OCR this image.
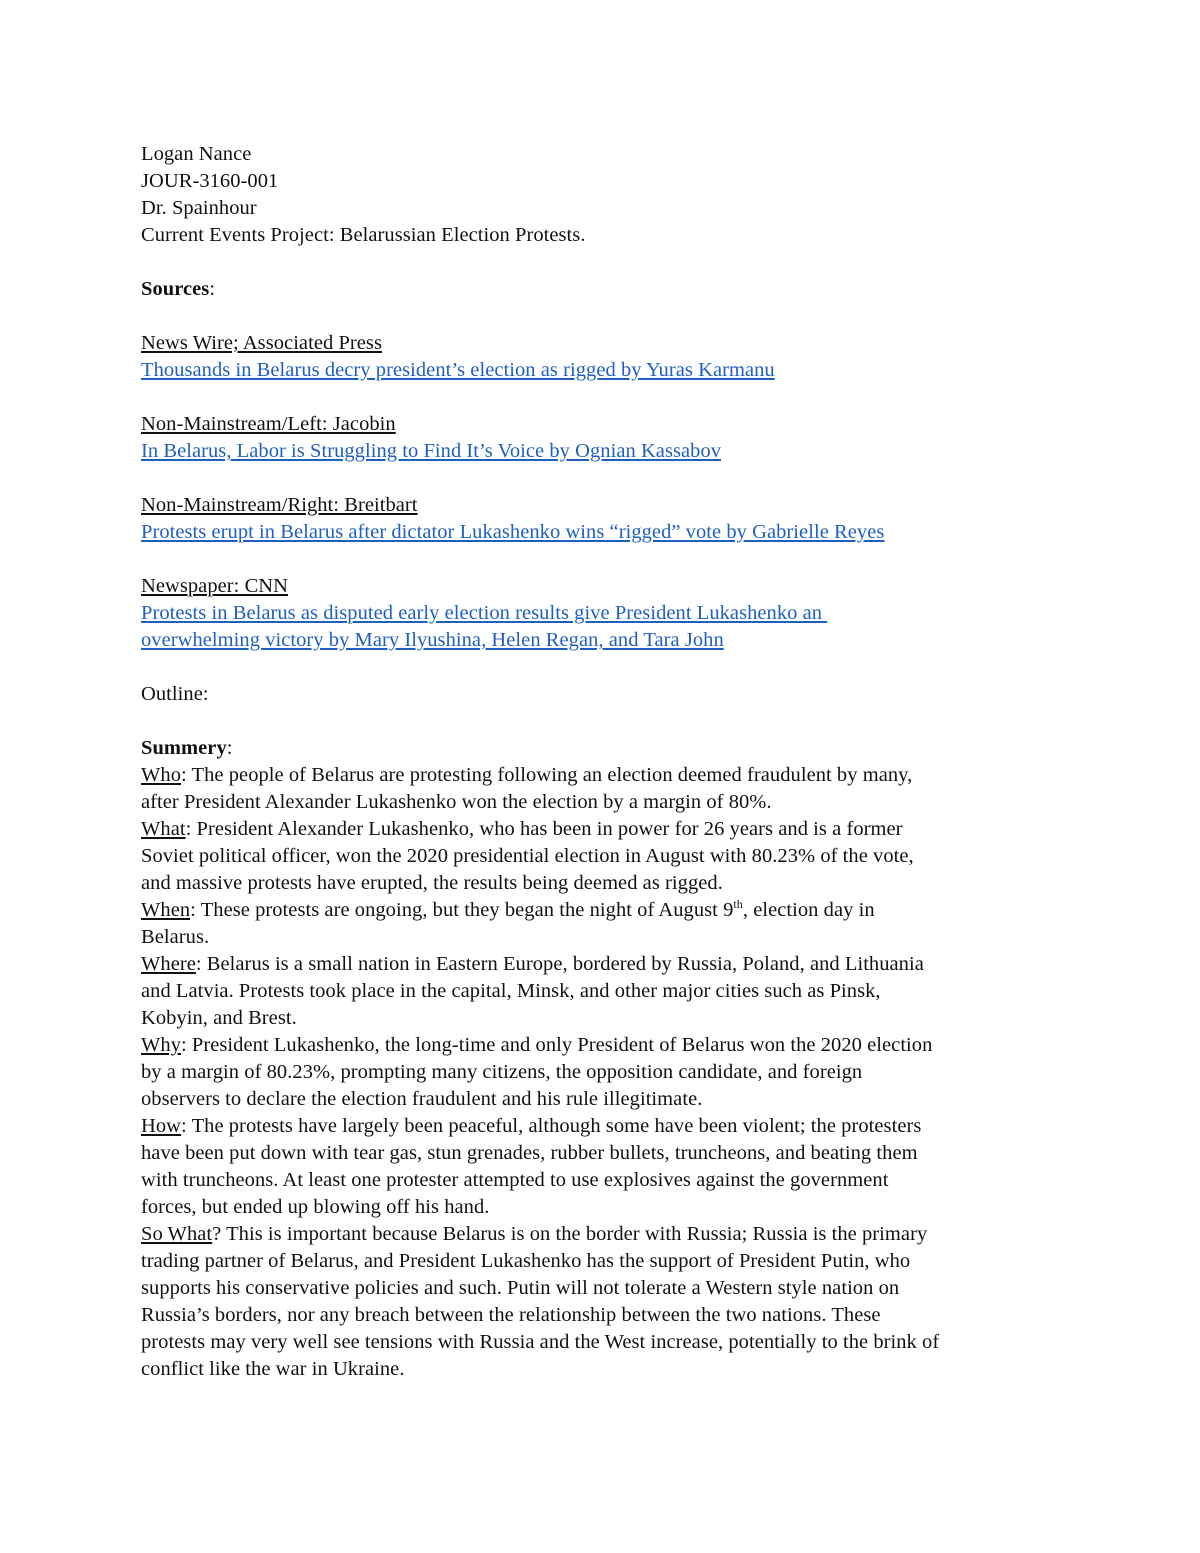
Logan Nance
JOUR-3160-001
Dr. Spainhour
Current Events Project: Belarussian Election Protests.
Sources:
News Wire; Associated Press
Thousands in Belarus decry president’s election as rigged by Yuras Karmanu
Non-Mainstream/Left: Jacobin
In Belarus, Labor is Struggling to Find It’s Voice by Ognian Kassabov
Non-Mainstream/Right: Breitbart
Protests erupt in Belarus after dictator Lukashenko wins “rigged” vote by Gabrielle Reyes
Newspaper: CNN
Protests in Belarus as disputed early election results give President Lukashenko an
overwhelming victory by Mary Ilyushina, Helen Regan, and Tara John
Outline:
Summery:
Who: The people of Belarus are protesting following an election deemed fraudulent by many,
after President Alexander Lukashenko won the election by a margin of 80%.
What: President Alexander Lukashenko, who has been in power for 26 years and is a former
Soviet political officer, won the 2020 presidential election in August with 80.23% of the vote,
and massive protests have erupted, the results being deemed as rigged.
When: These protests are ongoing, but they began the night of August 9th, election day in
Belarus.
Where: Belarus is a small nation in Eastern Europe, bordered by Russia, Poland, and Lithuania
and Latvia. Protests took place in the capital, Minsk, and other major cities such as Pinsk,
Kobyin, and Brest.
Why: President Lukashenko, the long-time and only President of Belarus won the 2020 election
by a margin of 80.23%, prompting many citizens, the opposition candidate, and foreign
observers to declare the election fraudulent and his rule illegitimate.
How: The protests have largely been peaceful, although some have been violent; the protesters
have been put down with tear gas, stun grenades, rubber bullets, truncheons, and beating them
with truncheons. At least one protester attempted to use explosives against the government
forces, but ended up blowing off his hand.
So What? This is important because Belarus is on the border with Russia; Russia is the primary
trading partner of Belarus, and President Lukashenko has the support of President Putin, who
supports his conservative policies and such. Putin will not tolerate a Western style nation on
Russia’s borders, nor any breach between the relationship between the two nations. These
protests may very well see tensions with Russia and the West increase, potentially to the brink of
conflict like the war in Ukraine.
